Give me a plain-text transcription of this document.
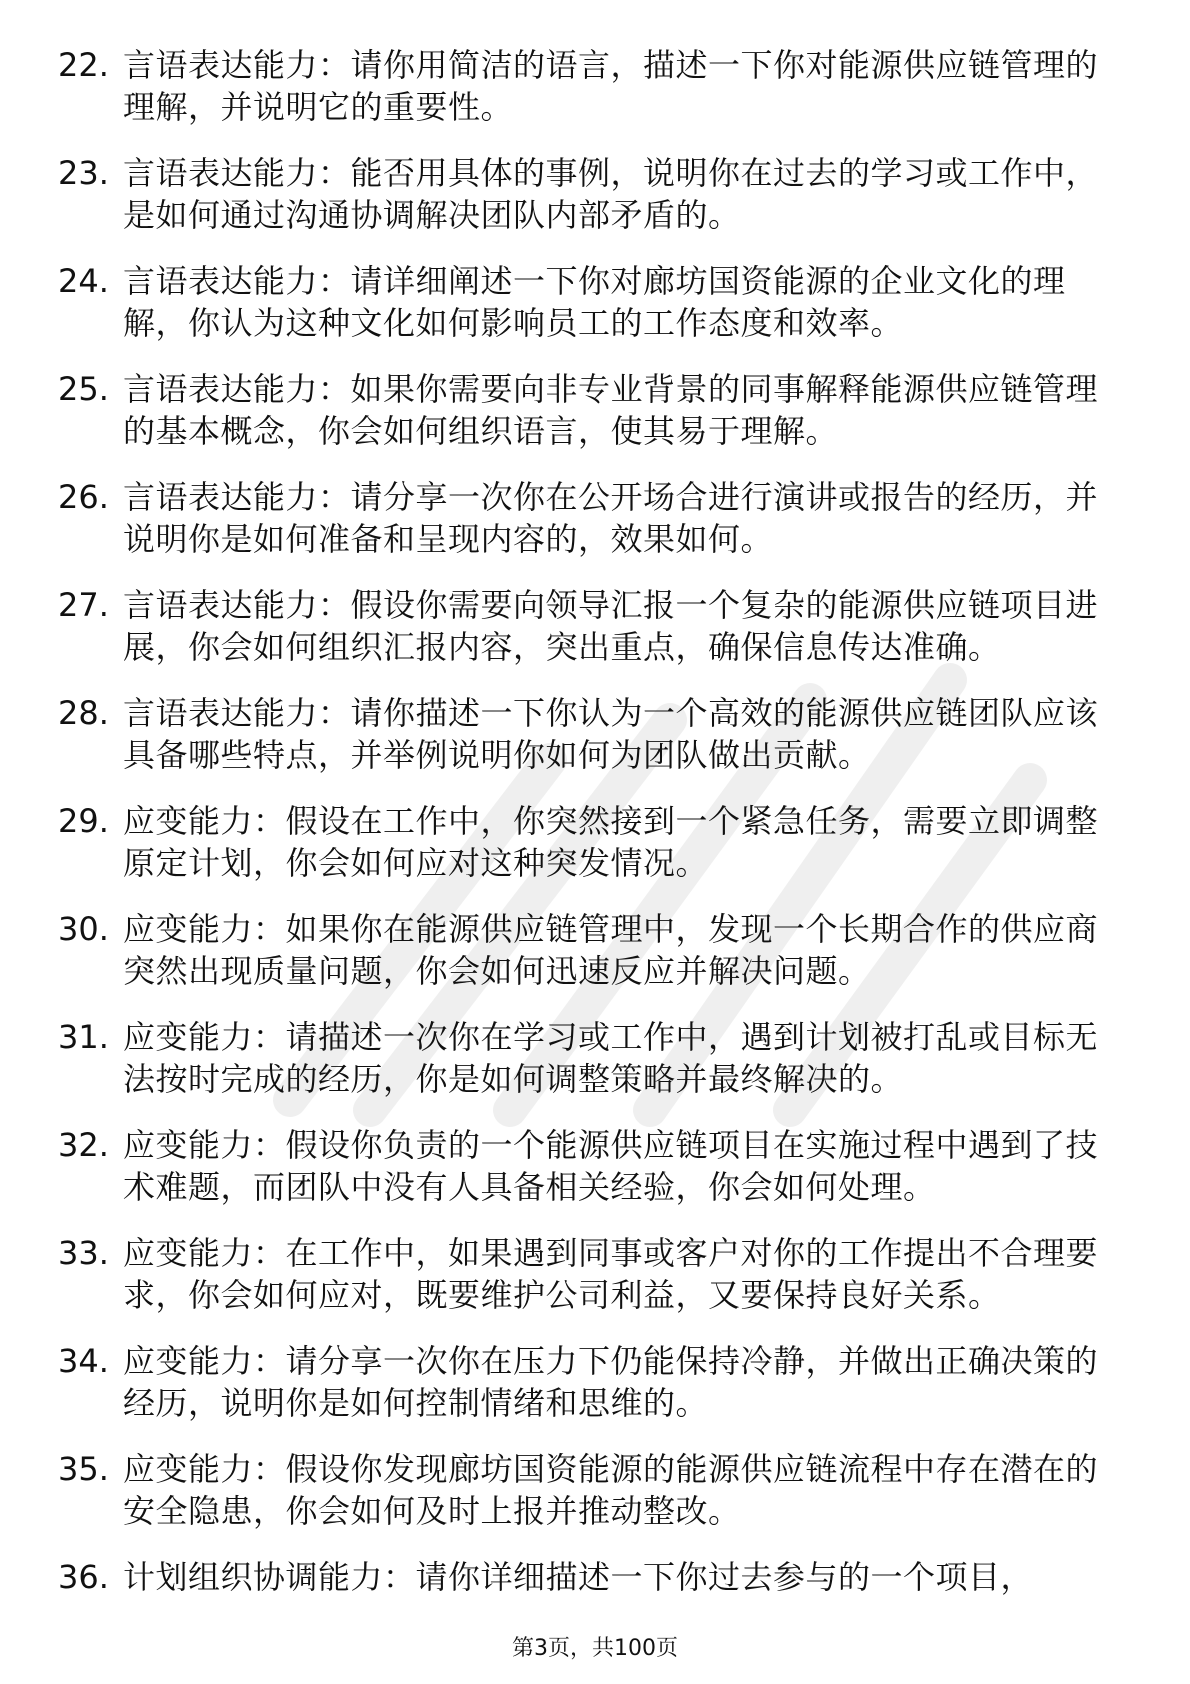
22. 言语表达能力：请你用简洁的语言，描述一下你对能源供应链管理的理解，并说明它的重要性。
23. 言语表达能力：能否用具体的事例，说明你在过去的学习或工作中，是如何通过沟通协调解决团队内部矛盾的。
24. 言语表达能力：请详细阐述一下你对廊坊国资能源的企业文化的理解，你认为这种文化如何影响员工的工作态度和效率。
25. 言语表达能力：如果你需要向非专业背景的同事解释能源供应链管理的基本概念，你会如何组织语言，使其易于理解。
26. 言语表达能力：请分享一次你在公开场合进行演讲或报告的经历，并说明你是如何准备和呈现内容的，效果如何。
27. 言语表达能力：假设你需要向领导汇报一个复杂的能源供应链项目进展，你会如何组织汇报内容，突出重点，确保信息传达准确。
28. 言语表达能力：请你描述一下你认为一个高效的能源供应链团队应该具备哪些特点，并举例说明你如何为团队做出贡献。
29. 应变能力：假设在工作中，你突然接到一个紧急任务，需要立即调整原定计划，你会如何应对这种突发情况。
30. 应变能力：如果你在能源供应链管理中，发现一个长期合作的供应商突然出现质量问题，你会如何迅速反应并解决问题。
31. 应变能力：请描述一次你在学习或工作中，遇到计划被打乱或目标无法按时完成的经历，你是如何调整策略并最终解决的。
32. 应变能力：假设你负责的一个能源供应链项目在实施过程中遇到了技术难题，而团队中没有人具备相关经验，你会如何处理。
33. 应变能力：在工作中，如果遇到同事或客户对你的工作提出不合理要求，你会如何应对，既要维护公司利益，又要保持良好关系。
34. 应变能力：请分享一次你在压力下仍能保持冷静，并做出正确决策的经历，说明你是如何控制情绪和思维的。
35. 应变能力：假设你发现廊坊国资能源的能源供应链流程中存在潜在的安全隐患，你会如何及时上报并推动整改。
36. 计划组织协调能力：请你详细描述一下你过去参与的一个项目，
第3页，共100页
